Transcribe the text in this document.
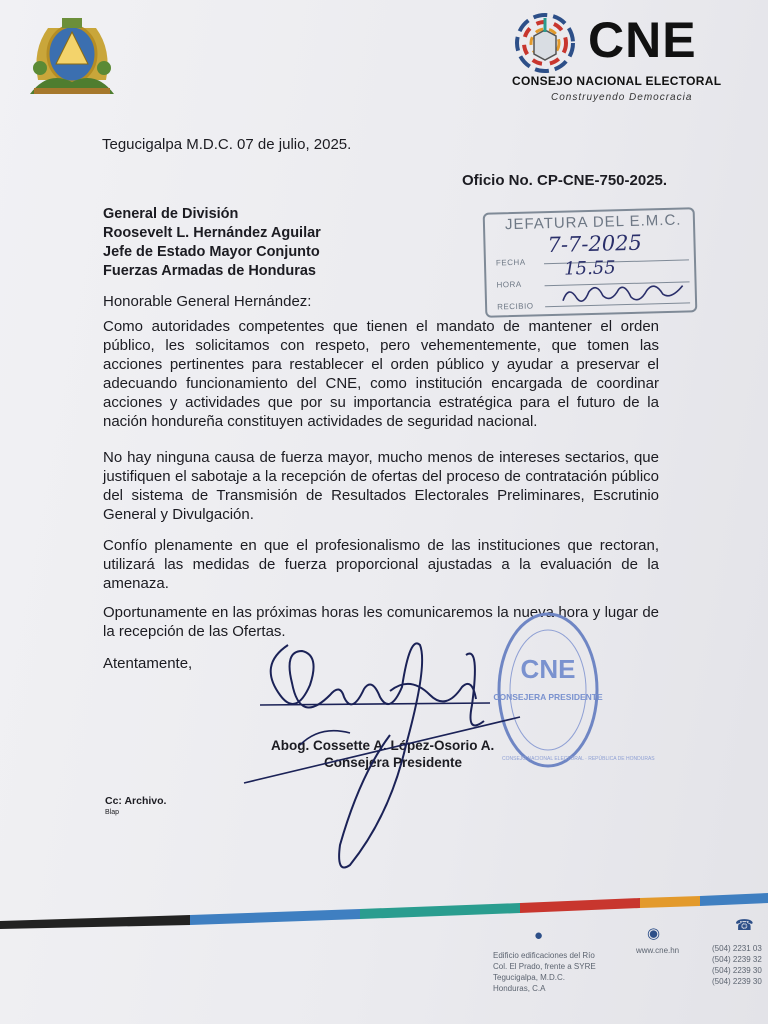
CNE
CONSEJO NACIONAL ELECTORAL
Construyendo Democracia
Tegucigalpa M.D.C. 07 de julio, 2025.
Oficio No. CP-CNE-750-2025.
General de División
Roosevelt L. Hernández Aguilar
Jefe de Estado Mayor Conjunto
Fuerzas Armadas de Honduras
JEFATURA DEL E.M.C.
FECHA
7-7-2025
HORA
15.55
RECIBIO
Honorable General Hernández:

Como autoridades competentes que tienen el mandato de mantener el orden público, les solicitamos con respeto, pero vehementemente, que tomen las acciones pertinentes para restablecer el orden público y ayudar a preservar el adecuando funcionamiento del CNE, como institución encargada de coordinar acciones y actividades que por su importancia estratégica para el futuro de la nación hondureña constituyen actividades de seguridad nacional.

No hay ninguna causa de fuerza mayor, mucho menos de intereses sectarios, que justifiquen el sabotaje a la recepción de ofertas del proceso de contratación público del sistema de Transmisión de Resultados Electorales Preliminares, Escrutinio General y Divulgación.

Confío plenamente en que el profesionalismo de las instituciones que rectoran, utilizará las medidas de fuerza proporcional ajustadas a la evaluación de la amenaza.

Oportunamente en las próximas horas les comunicaremos la nueva hora y lugar de la recepción de las Ofertas.

Atentamente,	CNE
CONSEJERA PRESIDENTE
CONSEJO NACIONAL ELECTORAL · REPÚBLICA DE HONDURAS
Abog. Cossette A. López-Osorio A.
Consejera Presidente
Cc: Archivo.
Blap
●
Edificio edificaciones del Río
Col. El Prado, frente a SYRE
Tegucigalpa, M.D.C.
Honduras, C.A
◉
www.cne.hn
☎
(504) 2231 03
(504) 2239 32
(504) 2239 30
(504) 2239 30
